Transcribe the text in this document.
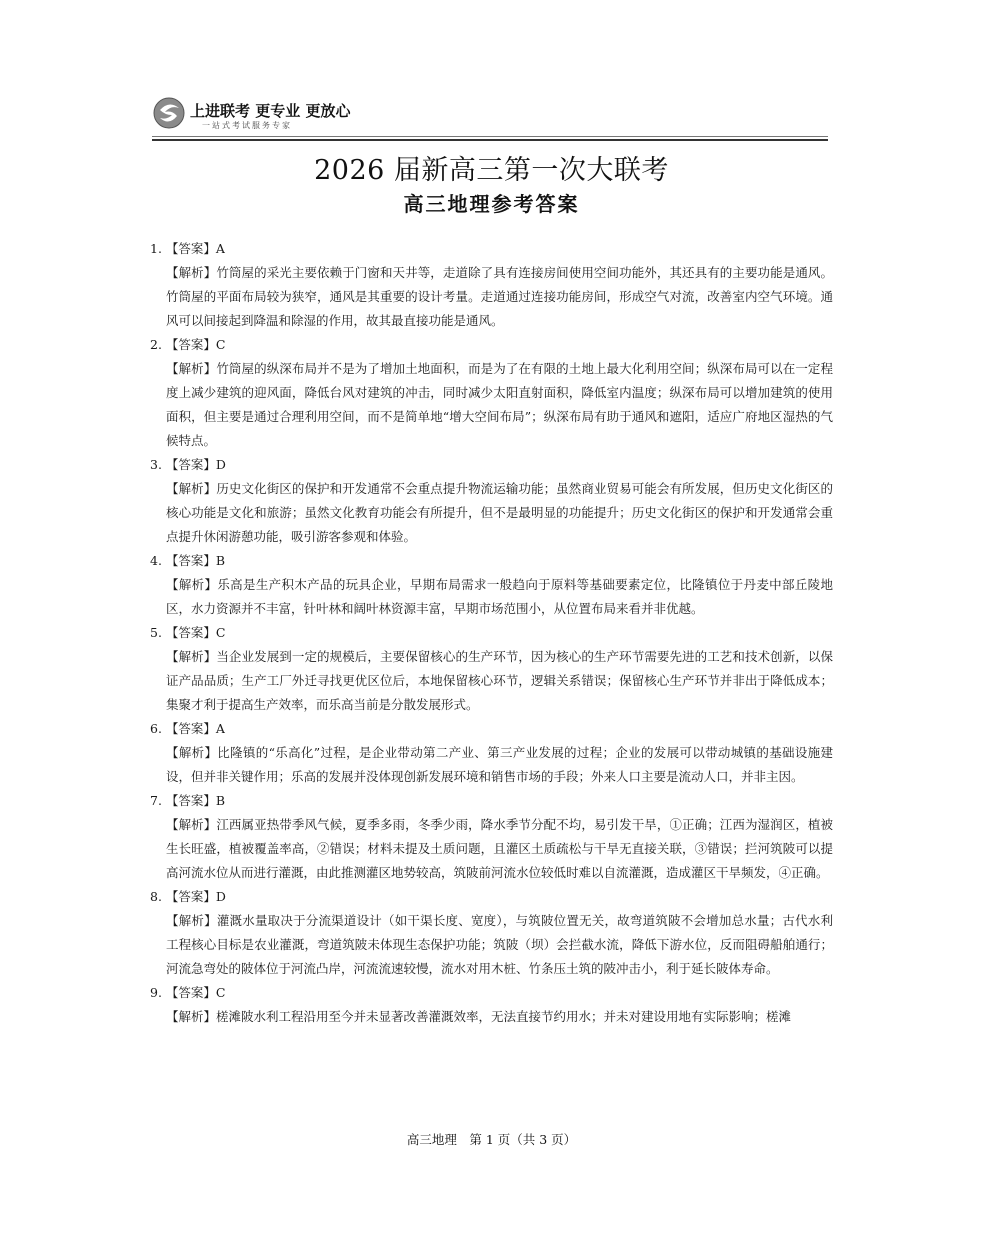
上进联考 更专业 更放心
一站式考试服务专家
2026 届新高三第一次大联考
高三地理参考答案
1. 【答案】A
【解析】竹筒屋的采光主要依赖于门窗和天井等，走道除了具有连接房间使用空间功能外，其还具有的主要功能是通风。竹筒屋的平面布局较为狭窄，通风是其重要的设计考量。走道通过连接功能房间，形成空气对流，改善室内空气环境。通风可以间接起到降温和除湿的作用，故其最直接功能是通风。
2. 【答案】C
【解析】竹筒屋的纵深布局并不是为了增加土地面积，而是为了在有限的土地上最大化利用空间；纵深布局可以在一定程度上减少建筑的迎风面，降低台风对建筑的冲击，同时减少太阳直射面积，降低室内温度；纵深布局可以增加建筑的使用面积，但主要是通过合理利用空间，而不是简单地“增大空间布局”；纵深布局有助于通风和遮阳，适应广府地区湿热的气候特点。
3. 【答案】D
【解析】历史文化街区的保护和开发通常不会重点提升物流运输功能；虽然商业贸易可能会有所发展，但历史文化街区的核心功能是文化和旅游；虽然文化教育功能会有所提升，但不是最明显的功能提升；历史文化街区的保护和开发通常会重点提升休闲游憩功能，吸引游客参观和体验。
4. 【答案】B
【解析】乐高是生产积木产品的玩具企业，早期布局需求一般趋向于原料等基础要素定位，比隆镇位于丹麦中部丘陵地区，水力资源并不丰富，针叶林和阔叶林资源丰富，早期市场范围小，从位置布局来看并非优越。
5. 【答案】C
【解析】当企业发展到一定的规模后，主要保留核心的生产环节，因为核心的生产环节需要先进的工艺和技术创新，以保证产品品质；生产工厂外迁寻找更优区位后，本地保留核心环节，逻辑关系错误；保留核心生产环节并非出于降低成本；集聚才利于提高生产效率，而乐高当前是分散发展形式。
6. 【答案】A
【解析】比隆镇的“乐高化”过程，是企业带动第二产业、第三产业发展的过程；企业的发展可以带动城镇的基础设施建设，但并非关键作用；乐高的发展并没体现创新发展环境和销售市场的手段；外来人口主要是流动人口，并非主因。
7. 【答案】B
【解析】江西属亚热带季风气候，夏季多雨，冬季少雨，降水季节分配不均，易引发干旱，①正确；江西为湿润区，植被生长旺盛，植被覆盖率高，②错误；材料未提及土质问题，且灌区土质疏松与干旱无直接关联，③错误；拦河筑陂可以提高河流水位从而进行灌溉，由此推测灌区地势较高，筑陂前河流水位较低时难以自流灌溉，造成灌区干旱频发，④正确。
8. 【答案】D
【解析】灌溉水量取决于分流渠道设计（如干渠长度、宽度），与筑陂位置无关，故弯道筑陂不会增加总水量；古代水利工程核心目标是农业灌溉，弯道筑陂未体现生态保护功能；筑陂（坝）会拦截水流，降低下游水位，反而阻碍船舶通行；河流急弯处的陂体位于河流凸岸，河流流速较慢，流水对用木桩、竹条压土筑的陂冲击小，利于延长陂体寿命。
9. 【答案】C
【解析】槎滩陂水利工程沿用至今并未显著改善灌溉效率，无法直接节约用水；并未对建设用地有实际影响；槎滩
高三地理　第 1 页（共 3 页）
